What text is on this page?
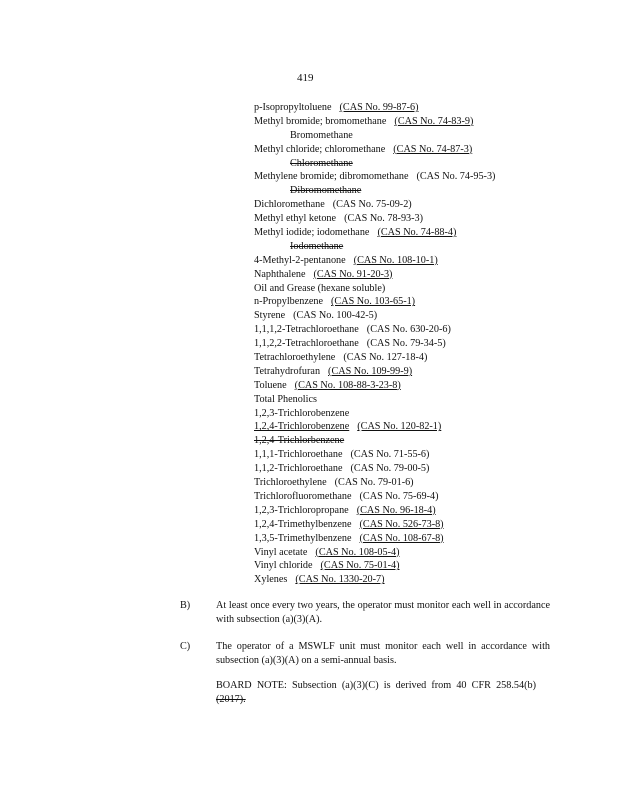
419
p-Isopropyltoluene (CAS No. 99-87-6)
Methyl bromide; bromomethane (CAS No. 74-83-9)
Bromomethane
Methyl chloride; chloromethane (CAS No. 74-87-3)
Chloromethane
Methylene bromide; dibromomethane (CAS No. 74-95-3)
Dibromomethane
Dichloromethane (CAS No. 75-09-2)
Methyl ethyl ketone (CAS No. 78-93-3)
Methyl iodide; iodomethane (CAS No. 74-88-4)
Iodomethane
4-Methyl-2-pentanone (CAS No. 108-10-1)
Naphthalene (CAS No. 91-20-3)
Oil and Grease (hexane soluble)
n-Propylbenzene (CAS No. 103-65-1)
Styrene (CAS No. 100-42-5)
1,1,1,2-Tetrachloroethane (CAS No. 630-20-6)
1,1,2,2-Tetrachloroethane (CAS No. 79-34-5)
Tetrachloroethylene (CAS No. 127-18-4)
Tetrahydrofuran (CAS No. 109-99-9)
Toluene (CAS No. 108-88-3-23-8)
Total Phenolics
1,2,3-Trichlorobenzene
1,2,4-Trichlorobenzene (CAS No. 120-82-1)
1,2,4-Trichlorbenzene
1,1,1-Trichloroethane (CAS No. 71-55-6)
1,1,2-Trichloroethane (CAS No. 79-00-5)
Trichloroethylene (CAS No. 79-01-6)
Trichlorofluoromethane (CAS No. 75-69-4)
1,2,3-Trichloropropane (CAS No. 96-18-4)
1,2,4-Trimethylbenzene (CAS No. 526-73-8)
1,3,5-Trimethylbenzene (CAS No. 108-67-8)
Vinyl acetate (CAS No. 108-05-4)
Vinyl chloride (CAS No. 75-01-4)
Xylenes (CAS No. 1330-20-7)
B)	At least once every two years, the operator must monitor each well in accordance with subsection (a)(3)(A).
C)	The operator of a MSWLF unit must monitor each well in accordance with subsection (a)(3)(A) on a semi-annual basis.
BOARD NOTE: Subsection (a)(3)(C) is derived from 40 CFR 258.54(b) (2017).
